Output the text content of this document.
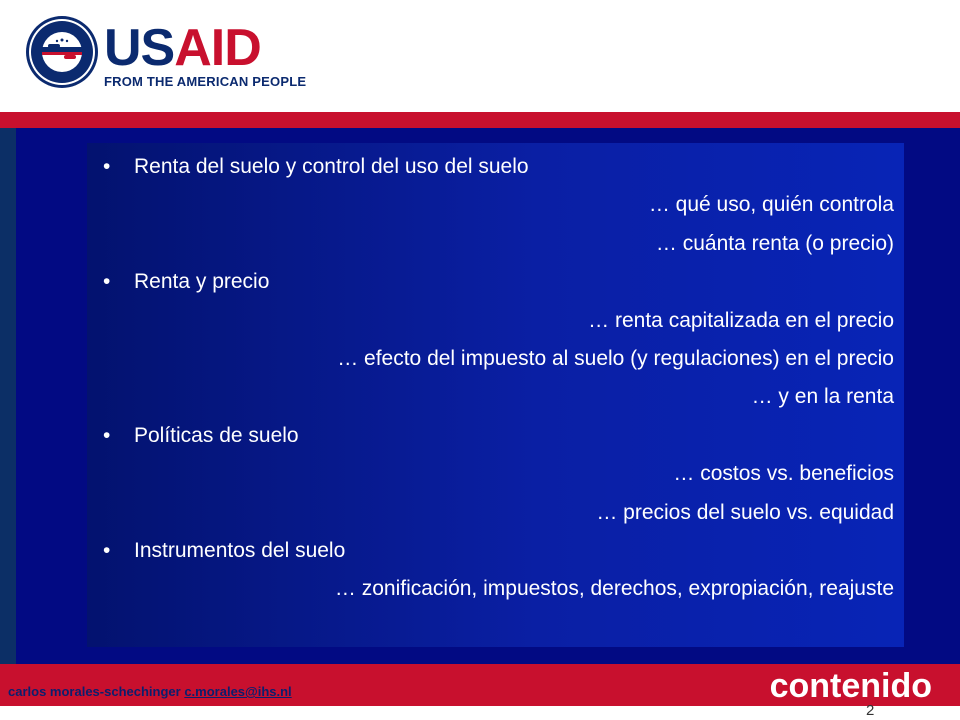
USAID
FROM THE AMERICAN PEOPLE
• Renta del suelo y control del uso del suelo
… qué uso, quién controla
… cuánta renta (o precio)
• Renta y precio
… renta capitalizada en el precio
… efecto del impuesto al suelo (y regulaciones) en el precio
… y en la renta
• Políticas de suelo
… costos vs. beneficios
… precios del suelo vs. equidad
• Instrumentos del suelo
… zonificación, impuestos, derechos, expropiación, reajuste
carlos morales-schechinger c.morales@ihs.nl	contenido
2
